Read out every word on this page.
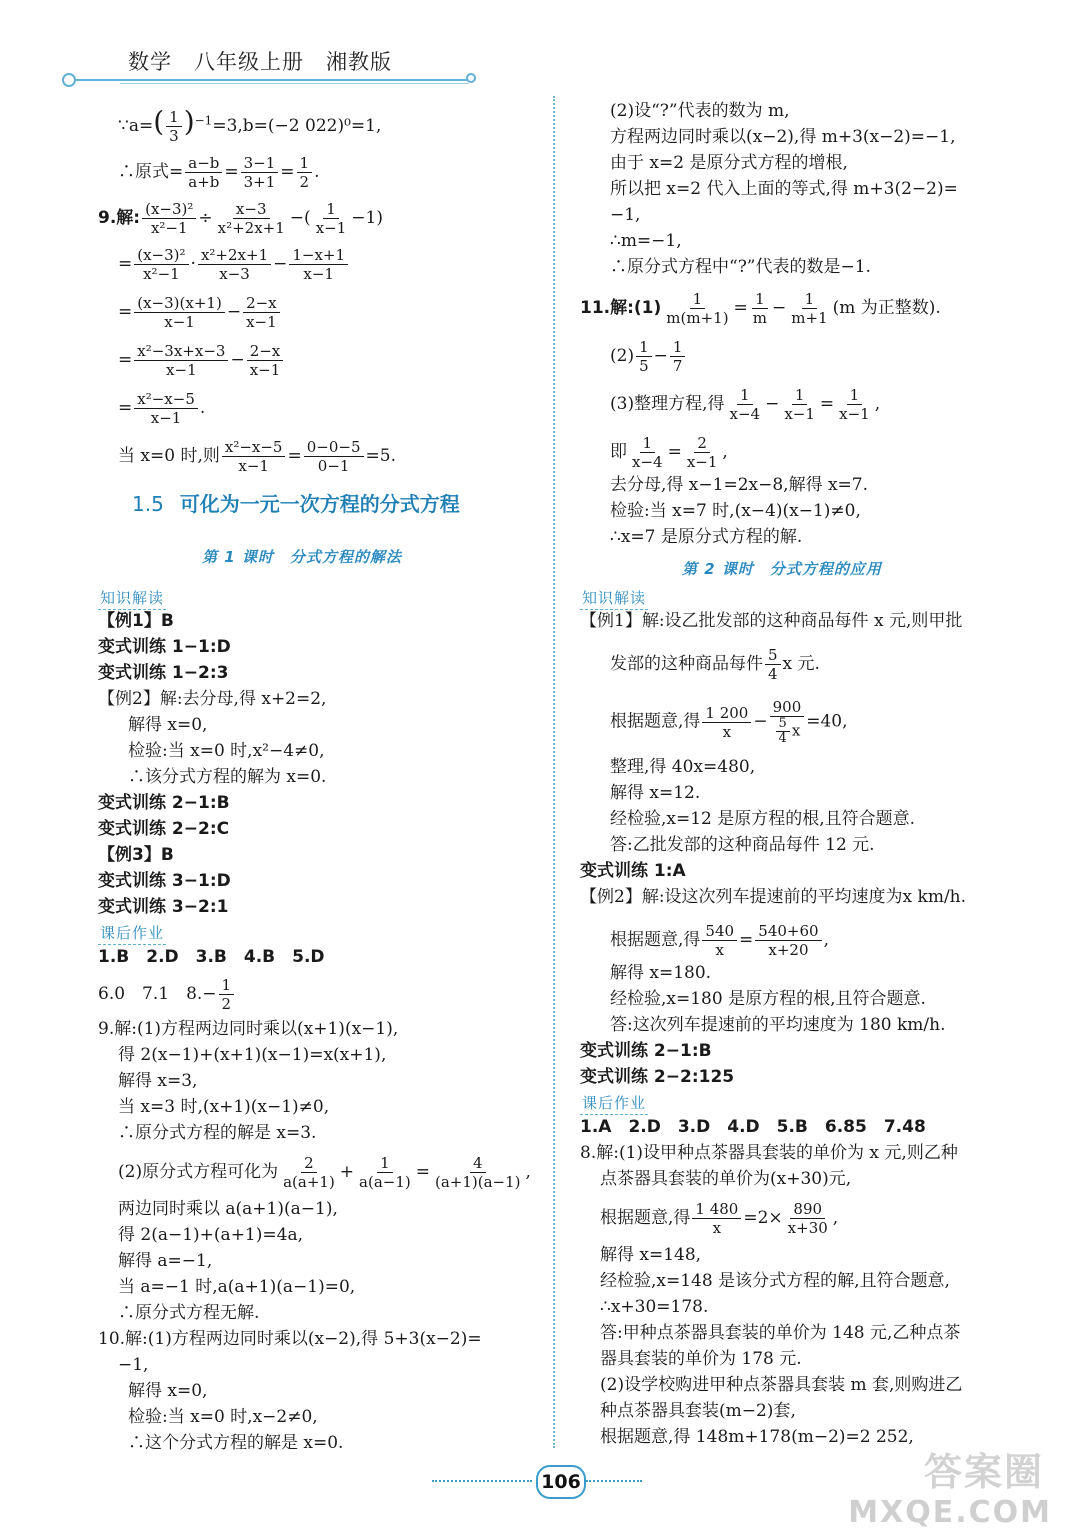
数学　八年级上册　湘教版
∵a=( $\frac{1}{3} )^{-1}=3,b=(-2$ 022)⁰=1,
∴原式= $\frac{a-b}{a+b} = \frac{3-1}{3+1} = \frac{1}{2}$ .
9.解: $\frac{\text{(x−3)²}}{\text{x²−1}} \div \frac{x-3}{\text{x²+2x+1}}$ −( $\frac{1}{x-1} -1$)
= $\frac{\text{(x−3)²}}{\text{x²−1}} \cdot \frac{\text{x²+2x+1}}{x-3} - \frac{1-x+1}{x-1}$
= $\frac{(x-3)(x+1)}{x-1} - \frac{2-x}{x-1}$
= $\frac{\text{x²−3x+x−3}}{x-1} - \frac{2-x}{x-1}$
= $\frac{\text{x²−x−5}}{x-1}$ .
当 x=0 时,则 $\frac{\text{x²−x−5}}{x-1} = \frac{0-0-5}{0-1} =5$.
1.5 可化为一元一次方程的分式方程
第 1 课时　分式方程的解法
知识解读
【例1】B
变式训练 1−1:D
变式训练 1−2:3
【例2】解:去分母,得 x+2=2,
解得 x=0,
检验:当 x=0 时,x²−4≠0,
∴该分式方程的解为 x=0.
变式训练 2−1:B
变式训练 2−2:C
【例3】B
变式训练 3−1:D
变式训练 3−2:1
课后作业
1.B　2.D　3.B　4.B　5.D
6.0　7.1　$8.- \frac{1}{2}$
9.解:(1)方程两边同时乘以(x+1)(x−1),
得 2(x−1)+(x+1)(x−1)=x(x+1),
解得 x=3,
当 x=3 时,(x+1)(x−1)≠0,
∴原分式方程的解是 x=3.
(2)原分式方程可化为 $\frac{2}{a(a+1)} + \frac{1}{a(a-1)} = \frac{4}{(a+1)(a-1)}$ ,
两边同时乘以 a(a+1)(a−1),
得 2(a−1)+(a+1)=4a,
解得 a=−1,
当 a=−1 时,a(a+1)(a−1)=0,
∴原分式方程无解.
10.解:(1)方程两边同时乘以(x−2),得 5+3(x−2)=
−1,
解得 x=0,
检验:当 x=0 时,x−2≠0,
∴这个分式方程的解是 x=0.
(2)设“?”代表的数为 m,
方程两边同时乘以(x−2),得 m+3(x−2)=−1,
由于 x=2 是原分式方程的增根,
所以把 x=2 代入上面的等式,得 m+3(2−2)=
−1,
∴m=−1,
∴原分式方程中“?”代表的数是−1.
11.解:(1) $\frac{1}{m(m+1)} = \frac{1}{m} - \frac{1}{m+1} (m$ 为正整数).
$(2) \frac{1}{5} - \frac{1}{7}$
(3)整理方程,得 $\frac{1}{x-4} - \frac{1}{x-1} = \frac{1}{x-1}$ ,
即 $\frac{1}{x-4} = \frac{2}{x-1}$ ,
去分母,得 x−1=2x−8,解得 x=7.
检验:当 x=7 时,(x−4)(x−1)≠0,
∴x=7 是原分式方程的解.
第 2 课时　分式方程的应用
知识解读
【例1】解:设乙批发部的这种商品每件 x 元,则甲批
发部的这种商品每件 $\frac{5}{4}$ x 元.
根据题意,得 $\frac{1 200}{x} - \frac{900}{\frac{5}{4} x} =40$,
整理,得 40x=480,
解得 x=12.
经检验,x=12 是原方程的根,且符合题意.
答:乙批发部的这种商品每件 12 元.
变式训练 1:A
【例2】解:设这次列车提速前的平均速度为x km/h.
根据题意,得 $\frac{540}{x} = \frac{540+60}{x+20}$ ,
解得 x=180.
经检验,x=180 是原方程的根,且符合题意.
答:这次列车提速前的平均速度为 180 km/h.
变式训练 2−1:B
变式训练 2−2:125
课后作业
1.A　2.D　3.D　4.D　5.B　6.85　7.48
8.解:(1)设甲种点茶器具套装的单价为 x 元,则乙种
点茶器具套装的单价为(x+30)元,
根据题意,得 $\frac{1 480}{x} =2\times \frac{890}{x+30}$ ,
解得 x=148,
经检验,x=148 是该分式方程的解,且符合题意,
∴x+30=178.
答:甲种点茶器具套装的单价为 148 元,乙种点茶
器具套装的单价为 178 元.
(2)设学校购进甲种点茶器具套装 m 套,则购进乙
种点茶器具套装(m−2)套,
根据题意,得 148m+178(m−2)=2 252,
106	答案圈
MXQE.COM
